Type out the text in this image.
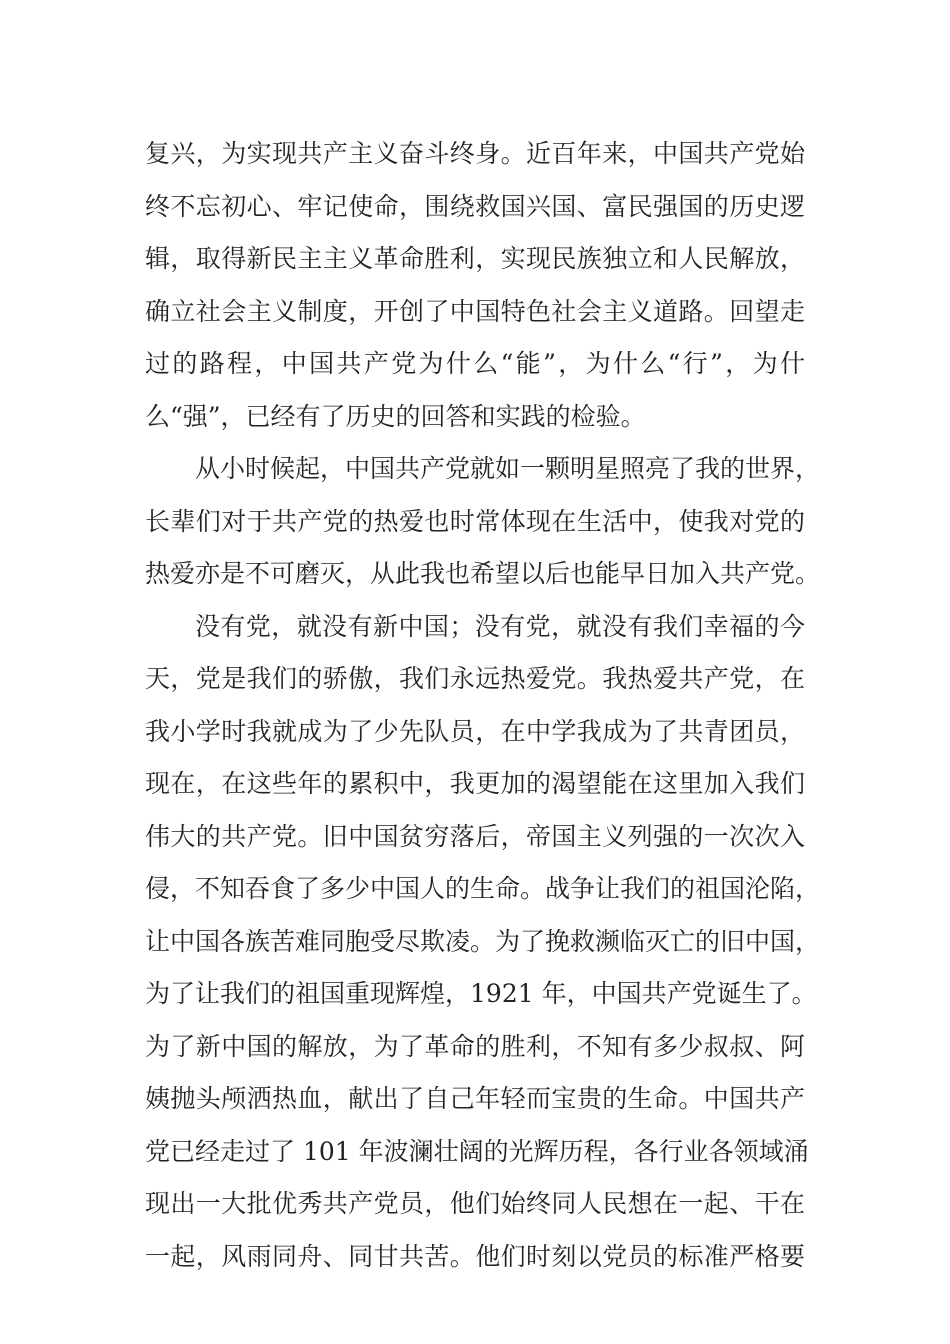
复兴，为实现共产主义奋斗终身。近百年来，中国共产党始
终不忘初心、牢记使命，围绕救国兴国、富民强国的历史逻
辑，取得新民主主义革命胜利，实现民族独立和人民解放，
确立社会主义制度，开创了中国特色社会主义道路。回望走
过的路程，中国共产党为什么“能”，为什么“行”，为什
么“强”，已经有了历史的回答和实践的检验。
从小时候起，中国共产党就如一颗明星照亮了我的世界，
长辈们对于共产党的热爱也时常体现在生活中，使我对党的
热爱亦是不可磨灭，从此我也希望以后也能早日加入共产党。
没有党，就没有新中国；没有党，就没有我们幸福的今
天，党是我们的骄傲，我们永远热爱党。我热爱共产党，在
我小学时我就成为了少先队员，在中学我成为了共青团员，
现在，在这些年的累积中，我更加的渴望能在这里加入我们
伟大的共产党。旧中国贫穷落后，帝国主义列强的一次次入
侵，不知吞食了多少中国人的生命。战争让我们的祖国沦陷，
让中国各族苦难同胞受尽欺凌。为了挽救濒临灭亡的旧中国，
为了让我们的祖国重现辉煌，1921 年，中国共产党诞生了。
为了新中国的解放，为了革命的胜利，不知有多少叔叔、阿
姨抛头颅洒热血，献出了自己年轻而宝贵的生命。中国共产
党已经走过了 101 年波澜壮阔的光辉历程，各行业各领域涌
现出一大批优秀共产党员，他们始终同人民想在一起、干在
一起，风雨同舟、同甘共苦。他们时刻以党员的标准严格要
